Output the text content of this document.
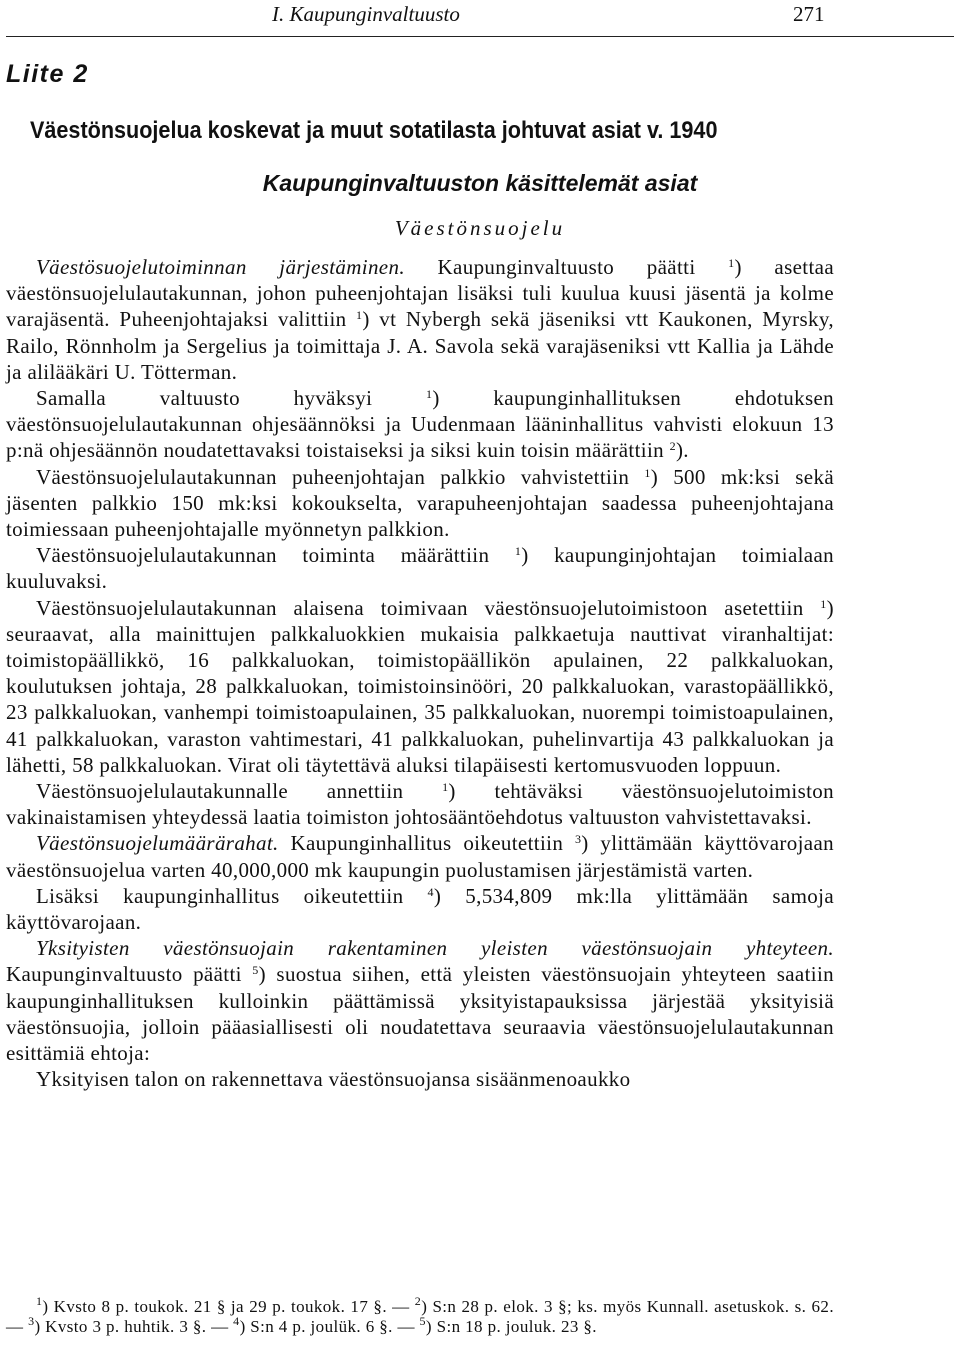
I. Kaupunginvaltuusto	271
Liite 2
Väestönsuojelua koskevat ja muut sotatilasta johtuvat asiat v. 1940
Kaupunginvaltuuston käsittelemät asiat
Väestönsuojelu

Väestösuojelutoiminnan järjestäminen. Kaupunginvaltuusto päätti $^1$) asettaa väestönsuojelulautakunnan, johon puheenjohtajan lisäksi tuli kuulua kuusi jäsentä ja kolme varajäsentä. Puheenjohtajaksi valittiin $^1$) vt Nybergh sekä jäseniksi vtt Kaukonen, Myrsky, Railo, Rönnholm ja Sergelius ja toimittaja J. A. Savola sekä varajäseniksi vtt Kallia ja Lähde ja alilääkäri U. Tötterman.

Samalla valtuusto hyväksyi $^1$) kaupunginhallituksen ehdotuksen väestönsuojelulautakunnan ohjesäännöksi ja Uudenmaan lääninhallitus vahvisti elokuun 13 p:nä ohjesäännön noudatettavaksi toistaiseksi ja siksi kuin toisin määrättiin $^2$).

Väestönsuojelulautakunnan puheenjohtajan palkkio vahvistettiin $^1$) 500 mk:ksi sekä jäsenten palkkio 150 mk:ksi kokoukselta, varapuheenjohtajan saadessa puheenjohtajana toimiessaan puheenjohtajalle myönnetyn palkkion.

Väestönsuojelulautakunnan toiminta määrättiin $^1$) kaupunginjohtajan toimialaan kuuluvaksi.

Väestönsuojelulautakunnan alaisena toimivaan väestönsuojelutoimistoon asetettiin $^1$) seuraavat, alla mainittujen palkkaluokkien mukaisia palkkaetuja nauttivat viranhaltijat: toimistopäällikkö, 16 palkkaluokan, toimistopäällikön apulainen, 22 palkkaluokan, koulutuksen johtaja, 28 palkkaluokan, toimistoinsinööri, 20 palkkaluokan, varastopäällikkö, 23 palkkaluokan, vanhempi toimistoapulainen, 35 palkkaluokan, nuorempi toimistoapulainen, 41 palkkaluokan, varaston vahtimestari, 41 palkkaluokan, puhelinvartija 43 palkkaluokan ja lähetti, 58 palkkaluokan. Virat oli täytettävä aluksi tilapäisesti kertomusvuoden loppuun.

Väestönsuojelulautakunnalle annettiin $^1$) tehtäväksi väestönsuojelutoimiston vakinaistamisen yhteydessä laatia toimiston johtosääntöehdotus valtuuston vahvistettavaksi.

Väestönsuojelumäärärahat. Kaupunginhallitus oikeutettiin $^3$) ylittämään käyttövarojaan väestönsuojelua varten 40,000,000 mk kaupungin puolustamisen järjestämistä varten.

Lisäksi kaupunginhallitus oikeutettiin $^4$) 5,534,809 mk:lla ylittämään samoja käyttövarojaan.

Yksityisten väestönsuojain rakentaminen yleisten väestönsuojain yhteyteen. Kaupunginvaltuusto päätti $^5$) suostua siihen, että yleisten väestönsuojain yhteyteen saatiin kaupunginhallituksen kulloinkin päättämissä yksityistapauksissa järjestää yksityisiä väestönsuojia, jolloin pääasiallisesti oli noudatettava seuraavia väestönsuojelulautakunnan esittämiä ehtoja:

Yksityisen talon on rakennettava väestönsuojansa sisäänmenoaukko

$^1$) Kvsto 8 p. toukok. 21 § ja 29 p. toukok. 17 §. — $^2$) S:n 28 p. elok. 3 §; ks. myös Kunnall. asetuskok. s. 62. — $^3$) Kvsto 3 p. huhtik. 3 §. — $^4$) S:n 4 p. joulük. 6 §. — $^5$) S:n 18 p. jouluk. 23 §.
